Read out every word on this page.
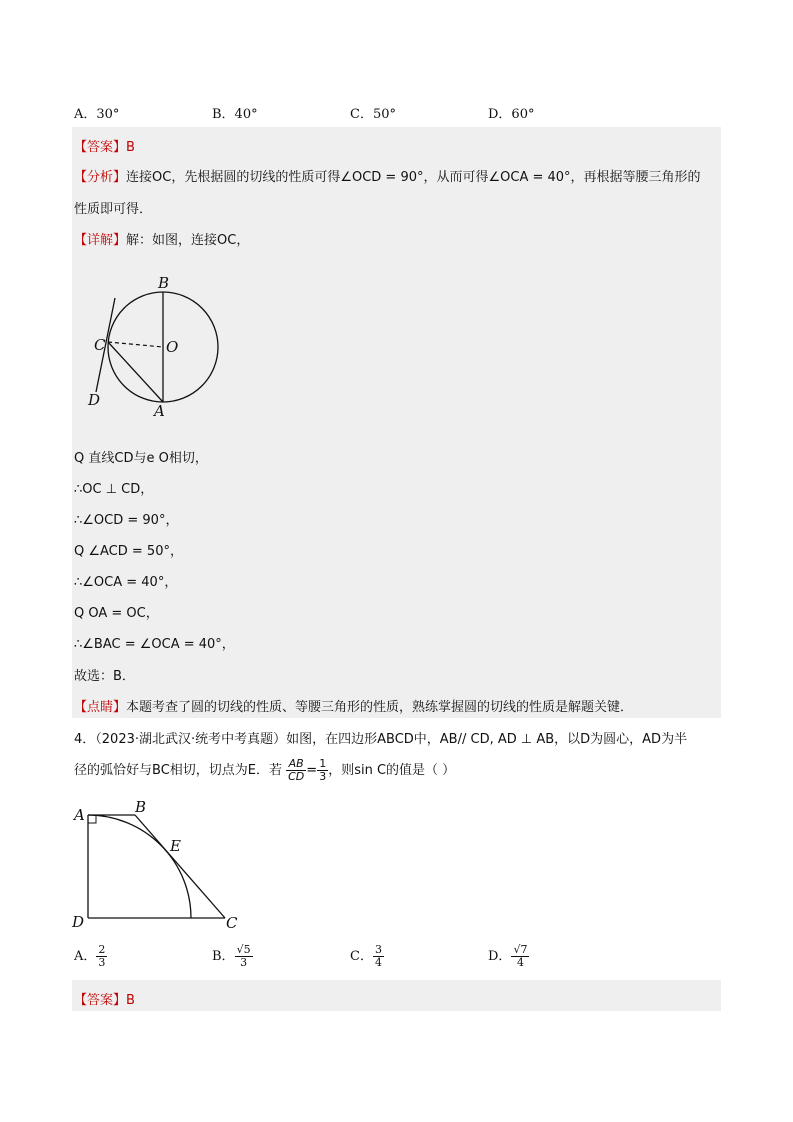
A．30°	B．40°	C．50°	D．60°
【答案】B
【分析】连接OC，先根据圆的切线的性质可得∠OCD = 90°，从而可得∠OCA = 40°，再根据等腰三角形的
性质即可得．
【详解】解：如图，连接OC，
B
C	O
D
A
Q 直线CD与e O相切，
∴OC ⊥ CD，
∴∠OCD = 90°，
Q ∠ACD = 50°，
∴∠OCA = 40°，
Q OA = OC，
∴∠BAC = ∠OCA = 40°，
故选：B．
【点睛】本题考查了圆的切线的性质、等腰三角形的性质，熟练掌握圆的切线的性质是解题关键．
4．（2023·湖北武汉·统考中考真题）如图，在四边形ABCD中，AB// CD, AD ⊥ AB，以D为圆心，AD为半
径的弧恰好与BC相切，切点为E．若 $\frac{AB}{CD} = \frac{1}{3}$ ，则sin C的值是（ ）
A	B
E
D	C
A． $\frac{2}{3}$	B． $\frac{√5}{3}$	C． $\frac{3}{4}$	D． $\frac{√7}{4}$
【答案】B
